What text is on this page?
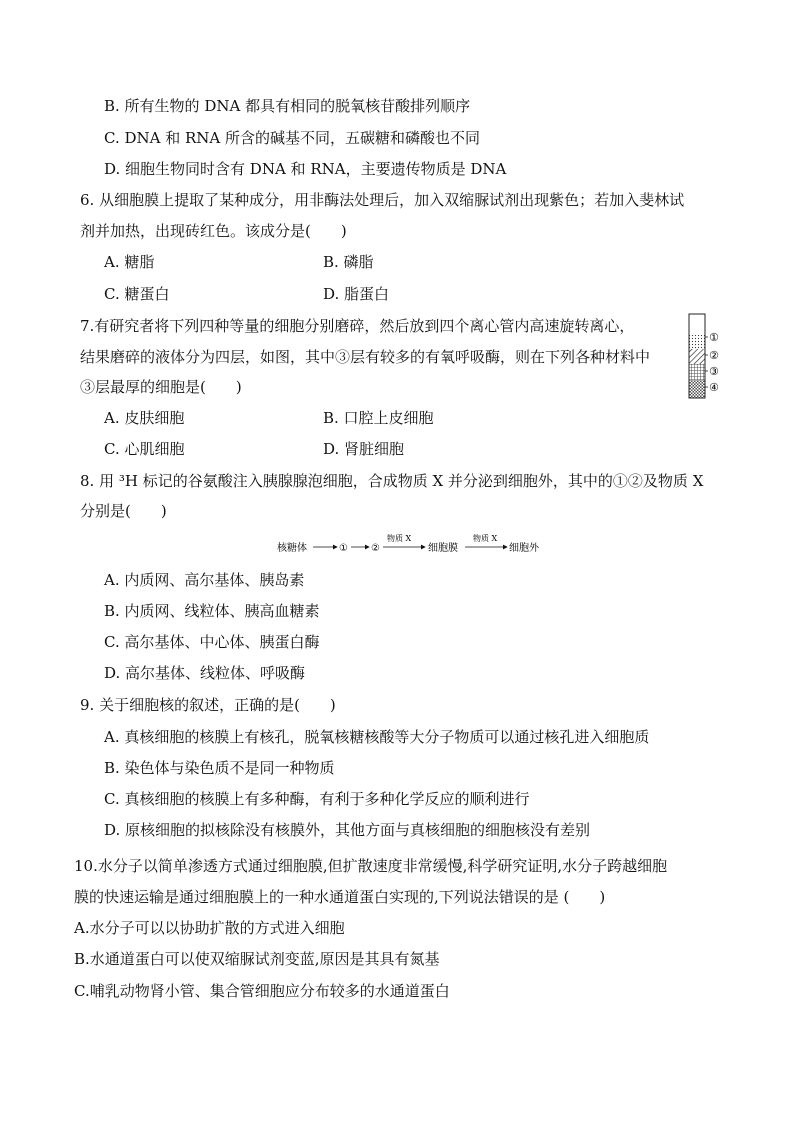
B. 所有生物的 DNA 都具有相同的脱氧核苷酸排列顺序
C. DNA 和 RNA 所含的碱基不同，五碳糖和磷酸也不同
D. 细胞生物同时含有 DNA 和 RNA，主要遗传物质是 DNA
6. 从细胞膜上提取了某种成分，用非酶法处理后，加入双缩脲试剂出现紫色；若加入斐林试
剂并加热，出现砖红色。该成分是(　　)
A. 糖脂	B. 磷脂
C. 糖蛋白	D. 脂蛋白
7.有研究者将下列四种等量的细胞分别磨碎，然后放到四个离心管内高速旋转离心，
结果磨碎的液体分为四层，如图，其中③层有较多的有氧呼吸酶，则在下列各种材料中
③层最厚的细胞是(　　)
A. 皮肤细胞	B. 口腔上皮细胞
C. 心肌细胞	D. 肾脏细胞
8. 用 ³H 标记的谷氨酸注入胰腺腺泡细胞，合成物质 X 并分泌到细胞外，其中的①②及物质 X
分别是(　　)
A. 内质网、高尔基体、胰岛素
B. 内质网、线粒体、胰高血糖素
C. 高尔基体、中心体、胰蛋白酶
D. 高尔基体、线粒体、呼吸酶
9. 关于细胞核的叙述，正确的是(　　)
A. 真核细胞的核膜上有核孔，脱氧核糖核酸等大分子物质可以通过核孔进入细胞质
B. 染色体与染色质不是同一种物质
C. 真核细胞的核膜上有多种酶，有利于多种化学反应的顺利进行
D. 原核细胞的拟核除没有核膜外，其他方面与真核细胞的细胞核没有差别
10.水分子以简单渗透方式通过细胞膜,但扩散速度非常缓慢,科学研究证明,水分子跨越细胞
膜的快速运输是通过细胞膜上的一种水通道蛋白实现的,下列说法错误的是 (　　)
A.水分子可以以协助扩散的方式进入细胞
B.水通道蛋白可以使双缩脲试剂变蓝,原因是其具有氮基
C.哺乳动物肾小管、集合管细胞应分布较多的水通道蛋白
①
②
③
④
核糖体	① ②
物质 X
细胞膜
物质 X
细胞外
